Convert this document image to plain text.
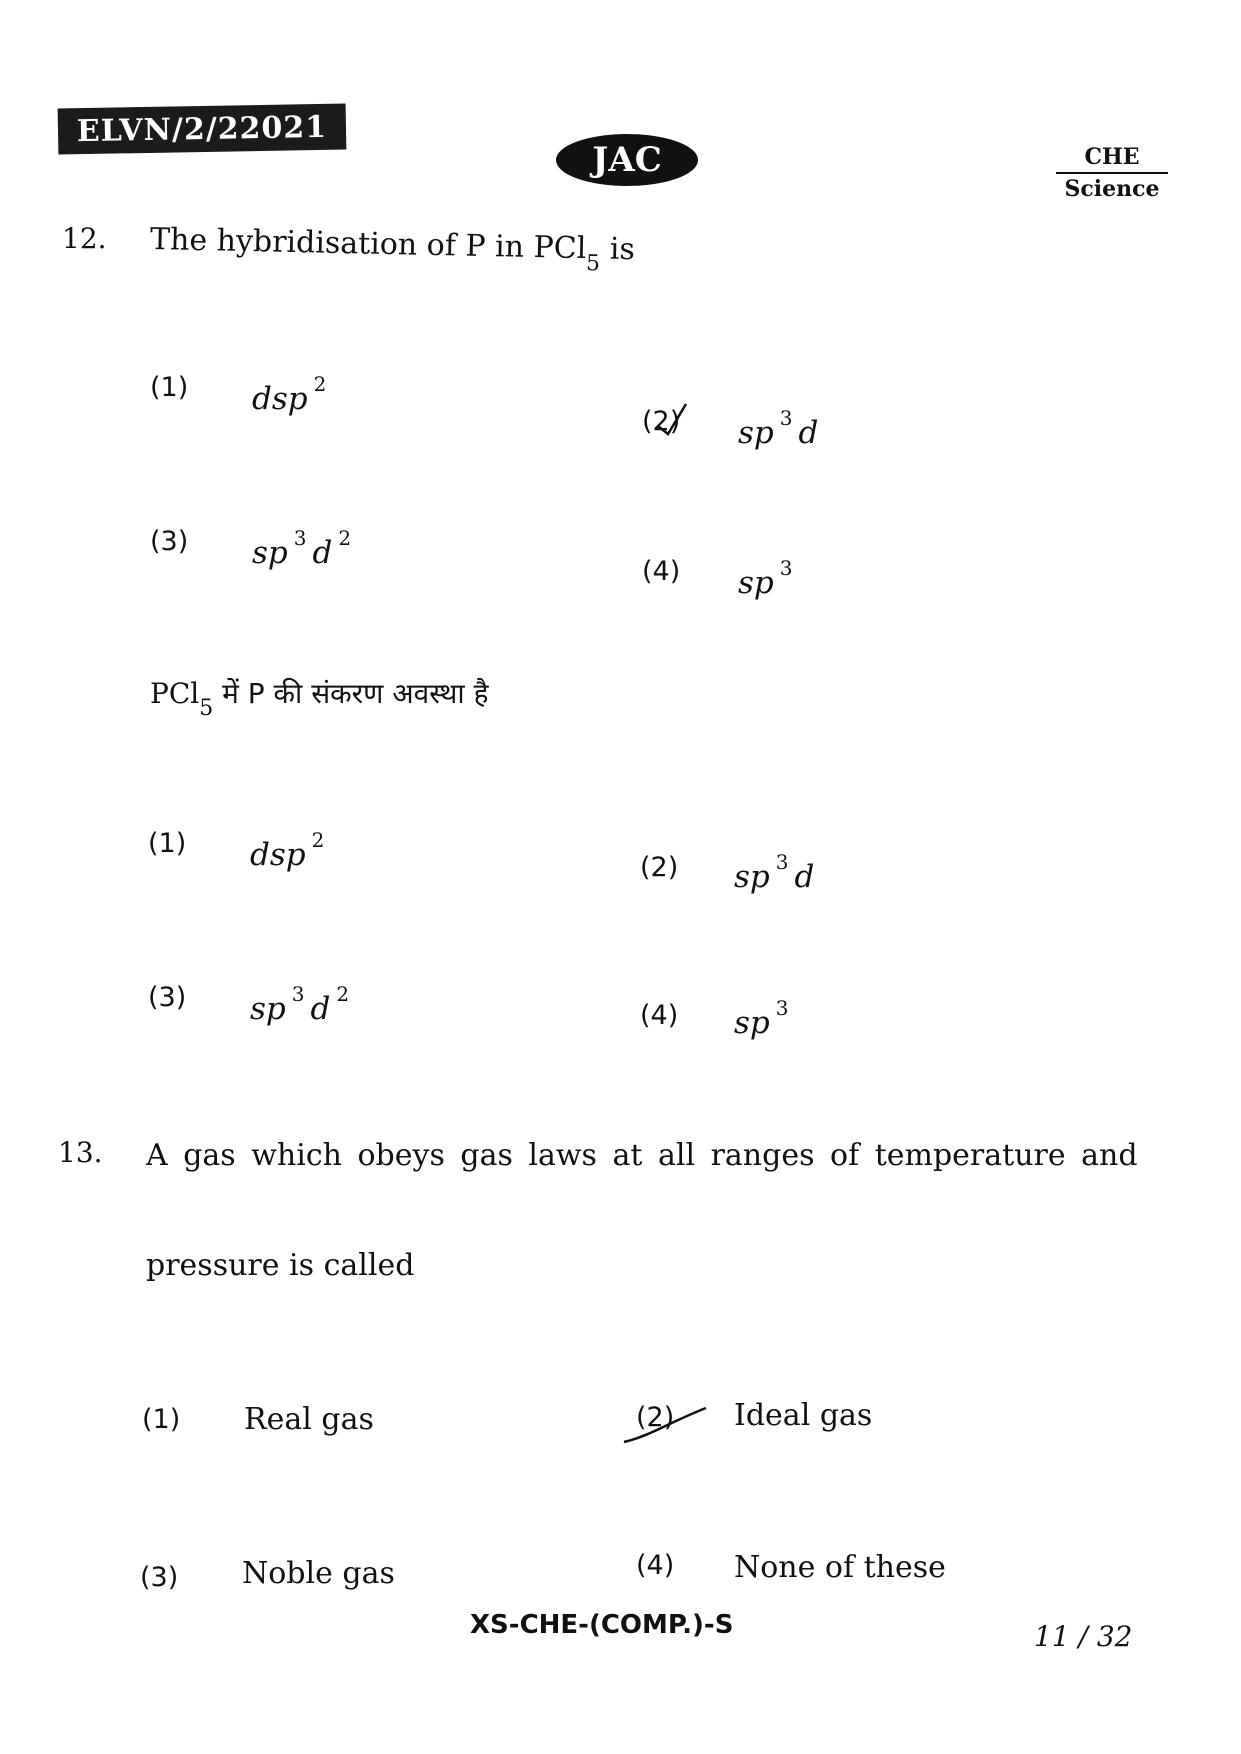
ELVN/2/22021
JAC	CHE
Science
12. The hybridisation of P in PCl$_5$ is
(1) dsp $^2$
(2) sp $^3$ d
(3) sp $^3$ d $^2$
(4) sp $^3$
PCl$_5$ में P की संकरण अवस्था है
(1) dsp $^2$
(2) sp $^3$ d
(3) sp $^3$ d $^2$
(4) sp $^3$
13. A gas which obeys gas laws at all ranges of temperature and
pressure is called
(1) Real gas	(2) Ideal gas
(3) Noble gas	(4) None of these
XS-CHE-(COMP.)-S	11 / 32
